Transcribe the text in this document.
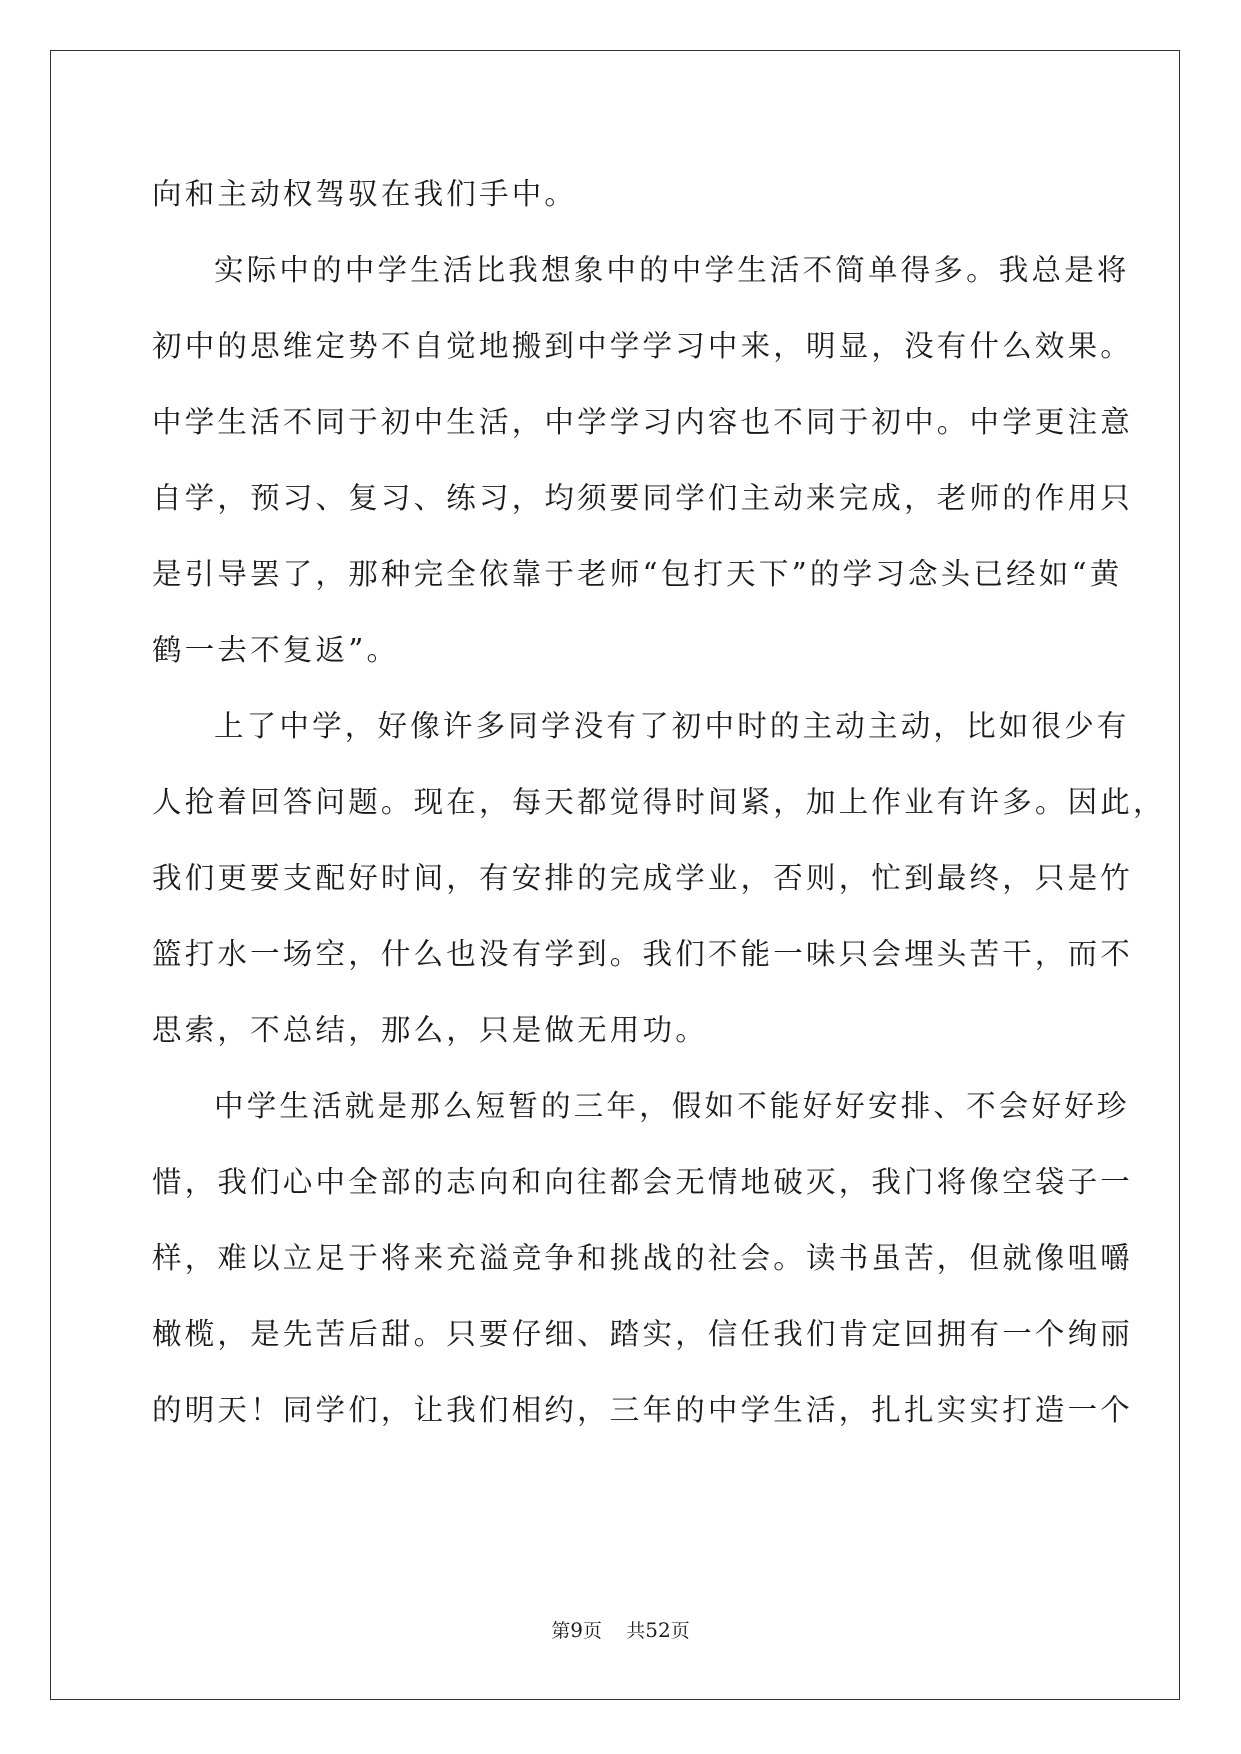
向和主动权驾驭在我们手中。
实际中的中学生活比我想象中的中学生活不简单得多。我总是将
初中的思维定势不自觉地搬到中学学习中来，明显，没有什么效果。
中学生活不同于初中生活，中学学习内容也不同于初中。中学更注意
自学，预习、复习、练习，均须要同学们主动来完成，老师的作用只
是引导罢了，那种完全依靠于老师“包打天下”的学习念头已经如“黄
鹤一去不复返”。
上了中学，好像许多同学没有了初中时的主动主动，比如很少有
人抢着回答问题。现在，每天都觉得时间紧，加上作业有许多。因此，
我们更要支配好时间，有安排的完成学业，否则，忙到最终，只是竹
篮打水一场空，什么也没有学到。我们不能一味只会埋头苦干，而不
思索，不总结，那么，只是做无用功。
中学生活就是那么短暂的三年，假如不能好好安排、不会好好珍
惜，我们心中全部的志向和向往都会无情地破灭，我门将像空袋子一
样，难以立足于将来充溢竞争和挑战的社会。读书虽苦，但就像咀嚼
橄榄，是先苦后甜。只要仔细、踏实，信任我们肯定回拥有一个绚丽
的明天！同学们，让我们相约，三年的中学生活，扎扎实实打造一个
第9页 共52页
